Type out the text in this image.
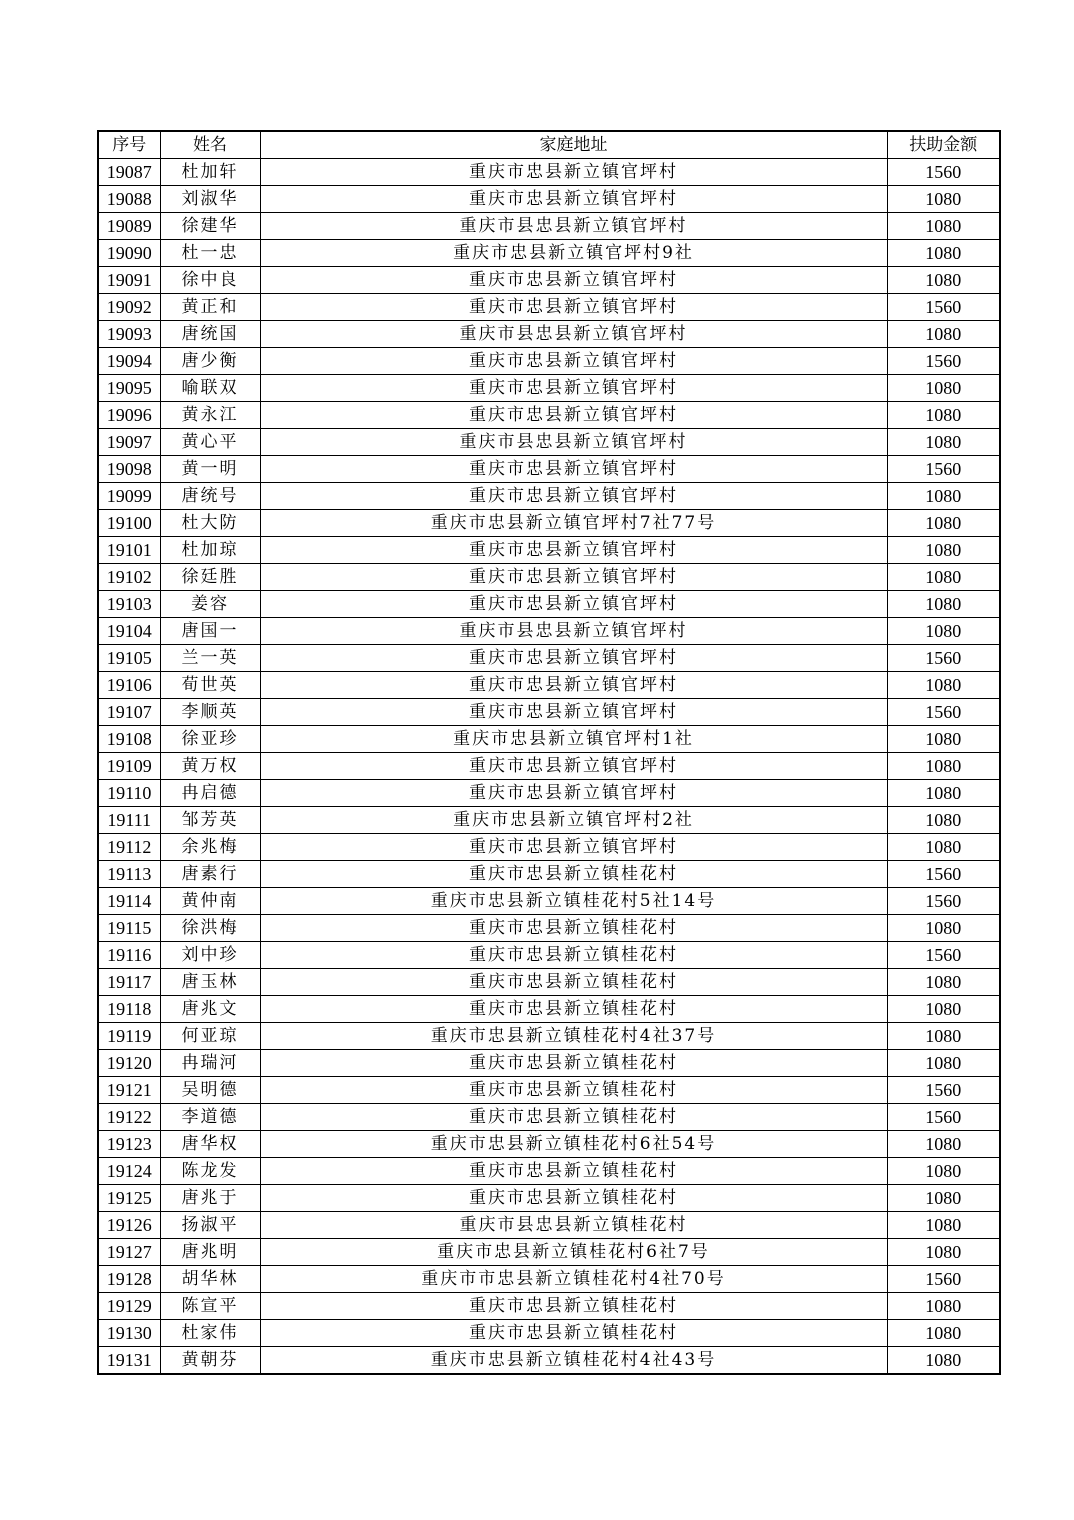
序号	姓名	家庭地址	扶助金额
19087	杜加轩	重庆市忠县新立镇官坪村	1560
19088	刘淑华	重庆市忠县新立镇官坪村	1080
19089	徐建华	重庆市县忠县新立镇官坪村	1080
19090	杜一忠	重庆市忠县新立镇官坪村9社	1080
19091	徐中良	重庆市忠县新立镇官坪村	1080
19092	黄正和	重庆市忠县新立镇官坪村	1560
19093	唐统国	重庆市县忠县新立镇官坪村	1080
19094	唐少衡	重庆市忠县新立镇官坪村	1560
19095	喻联双	重庆市忠县新立镇官坪村	1080
19096	黄永江	重庆市忠县新立镇官坪村	1080
19097	黄心平	重庆市县忠县新立镇官坪村	1080
19098	黄一明	重庆市忠县新立镇官坪村	1560
19099	唐统号	重庆市忠县新立镇官坪村	1080
19100	杜大防	重庆市忠县新立镇官坪村7社77号	1080
19101	杜加琼	重庆市忠县新立镇官坪村	1080
19102	徐廷胜	重庆市忠县新立镇官坪村	1080
19103	姜容	重庆市忠县新立镇官坪村	1080
19104	唐国一	重庆市县忠县新立镇官坪村	1080
19105	兰一英	重庆市忠县新立镇官坪村	1560
19106	荀世英	重庆市忠县新立镇官坪村	1080
19107	李顺英	重庆市忠县新立镇官坪村	1560
19108	徐亚珍	重庆市忠县新立镇官坪村1社	1080
19109	黄万权	重庆市忠县新立镇官坪村	1080
19110	冉启德	重庆市忠县新立镇官坪村	1080
19111	邹芳英	重庆市忠县新立镇官坪村2社	1080
19112	余兆梅	重庆市忠县新立镇官坪村	1080
19113	唐素行	重庆市忠县新立镇桂花村	1560
19114	黄仲南	重庆市忠县新立镇桂花村5社14号	1560
19115	徐洪梅	重庆市忠县新立镇桂花村	1080
19116	刘中珍	重庆市忠县新立镇桂花村	1560
19117	唐玉林	重庆市忠县新立镇桂花村	1080
19118	唐兆文	重庆市忠县新立镇桂花村	1080
19119	何亚琼	重庆市忠县新立镇桂花村4社37号	1080
19120	冉瑞河	重庆市忠县新立镇桂花村	1080
19121	吴明德	重庆市忠县新立镇桂花村	1560
19122	李道德	重庆市忠县新立镇桂花村	1560
19123	唐华权	重庆市忠县新立镇桂花村6社54号	1080
19124	陈龙发	重庆市忠县新立镇桂花村	1080
19125	唐兆于	重庆市忠县新立镇桂花村	1080
19126	扬淑平	重庆市县忠县新立镇桂花村	1080
19127	唐兆明	重庆市忠县新立镇桂花村6社7号	1080
19128	胡华林	重庆市市忠县新立镇桂花村4社70号	1560
19129	陈宣平	重庆市忠县新立镇桂花村	1080
19130	杜家伟	重庆市忠县新立镇桂花村	1080
19131	黄朝芬	重庆市忠县新立镇桂花村4社43号	1080
